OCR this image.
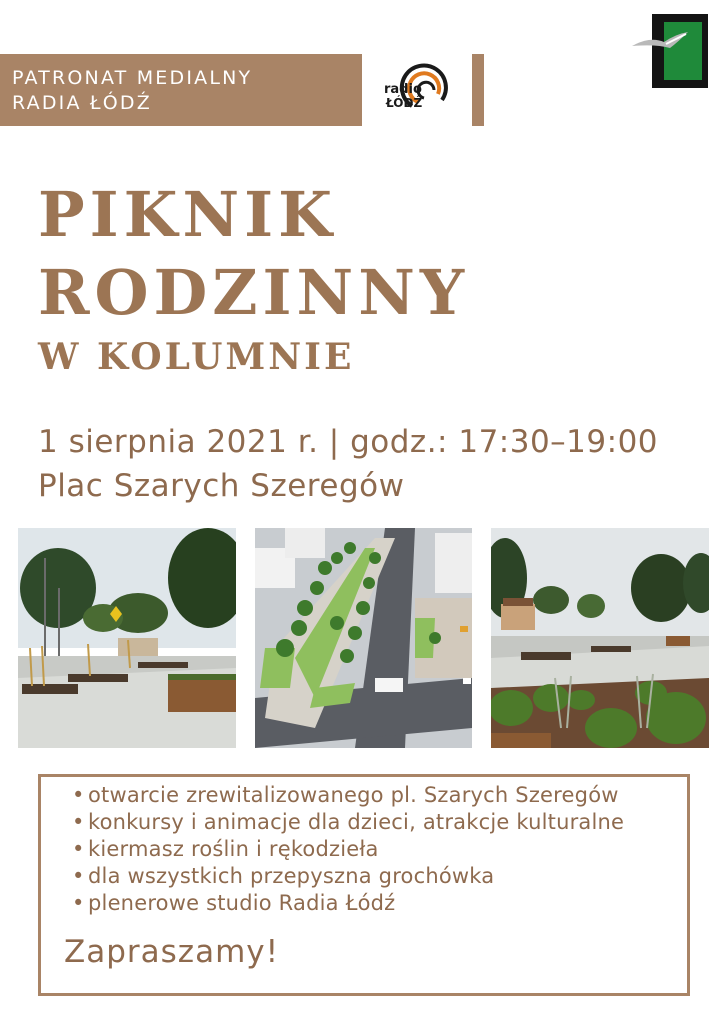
PATRONAT MEDIALNY
RADIA ŁÓDŹ
radio
ŁÓDŹ
PIKNIK
RODZINNY
W KOLUMNIE
1 sierpnia 2021 r. | godz.: 17:30–19:00
Plac Szarych Szeregów
• otwarcie zrewitalizowanego pl. Szarych Szeregów
• konkursy i animacje dla dzieci, atrakcje kulturalne
• kiermasz roślin i rękodzieła
• dla wszystkich przepyszna grochówka
• plenerowe studio Radia Łódź
Zapraszamy!
